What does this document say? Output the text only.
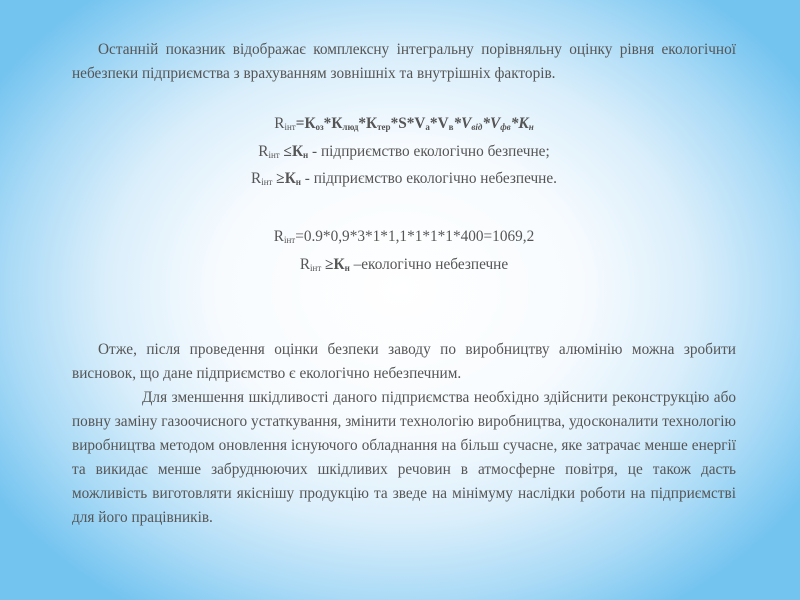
Останній показник відображає комплексну інтегральну порівняльну оцінку рівня екологічної небезпеки підприємства з врахуванням зовнішніх та внутрішніх факторів.
$R_{інт}=К_{оз}*К_{люд}*К_{тер}*S*V_a*V_в*V_{від}*V_{фв}*К_н$
$R_{інт} \le К_н$ - підприємство екологічно безпечне;
$R_{інт} \ge К_н$ - підприємство екологічно небезпечне.
$R_{інт}=0.9*0,9*3*1*1,1*1*1*1*400=1069,2$
$R_{інт} \ge К_н$ –екологічно небезпечне
Отже, після проведення оцінки безпеки заводу по виробництву алюмінію можна зробити висновок, що дане підприємство є екологічно небезпечним.
Для зменшення шкідливості даного підприємства необхідно здійснити реконструкцію або повну заміну газоочисного устаткування, змінити технологію виробництва, удосконалити технологію виробництва методом оновлення існуючого обладнання на більш сучасне, яке затрачає менше енергії та викидає менше забруднюючих шкідливих речовин в атмосферне повітря, це також дасть можливість виготовляти якіснішу продукцію та зведе на мінімуму наслідки роботи на підприємстві для його працівників.
